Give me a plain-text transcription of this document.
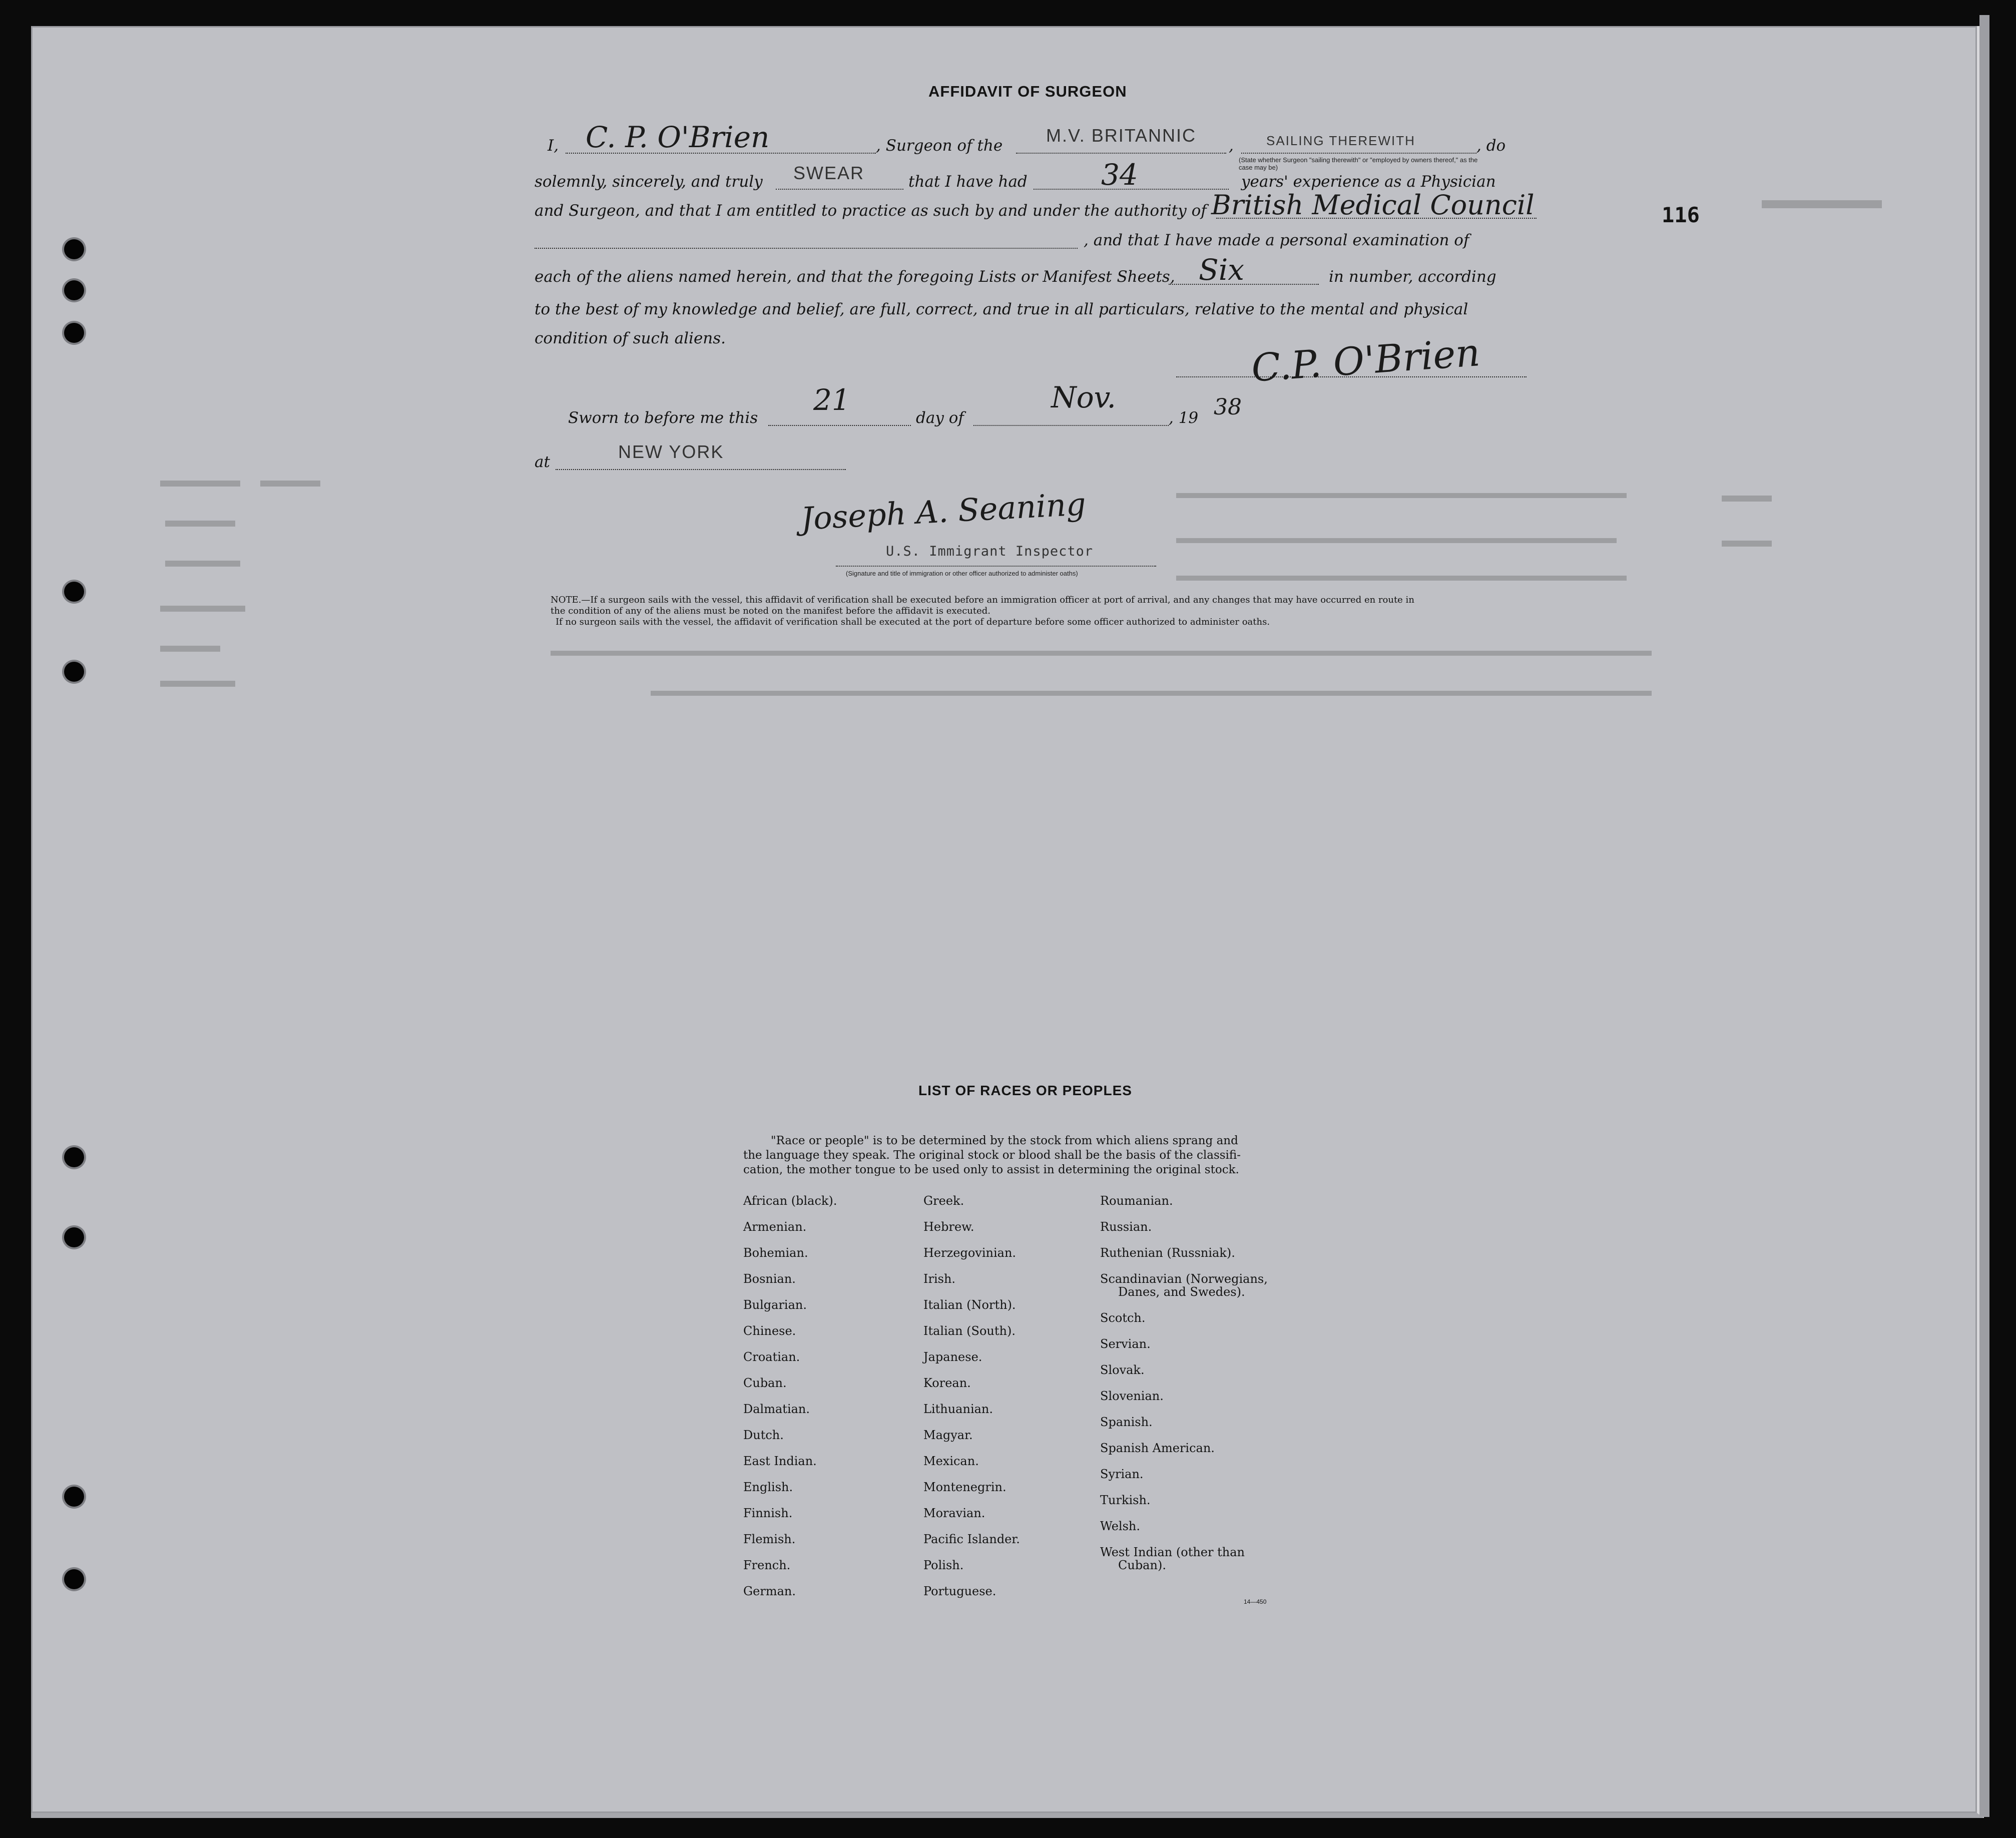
AFFIDAVIT OF SURGEON
I, C. P. O'Brien	, Surgeon of the M.V. BRITANNIC ,	SAILING THEREWITH
(State whether Surgeon "sailing therewith" or "employed by owners thereof," as the case may be)
, do
solemnly, sincerely, and truly SWEAR	that I have had	34	years' experience as a Physician
and Surgeon, and that I am entitled to practice as such by and under the authority of British Medical Council	116
, and that I have made a personal examination of
each of the aliens named herein, and that the foregoing Lists or Manifest Sheets, Six	in number, according
to the best of my knowledge and belief, are full, correct, and true in all particulars, relative to the mental and physical
condition of such aliens.	C.P. O'Brien
Sworn to before me this
21
day of
Nov.
, 19 38
at	NEW YORK
Joseph A. Seaning
U.S. Immigrant Inspector
(Signature and title of immigration or other officer authorized to administer oaths)
NOTE.—If a surgeon sails with the vessel, this affidavit of verification shall be executed before an immigration officer at port of arrival, and any changes that may have occurred en route in
the condition of any of the aliens must be noted on the manifest before the affidavit is executed.
If no surgeon sails with the vessel, the affidavit of verification shall be executed at the port of departure before some officer authorized to administer oaths.
LIST OF RACES OR PEOPLES
"Race or people" is to be determined by the stock from which aliens sprang and
the language they speak. The original stock or blood shall be the basis of the classifi-
cation, the mother tongue to be used only to assist in determining the original stock.
African (black).
Armenian.
Bohemian.
Bosnian.
Bulgarian.
Chinese.
Croatian.
Cuban.
Dalmatian.
Dutch.
East Indian.
English.
Finnish.
Flemish.
French.
German.
Greek.
Hebrew.
Herzegovinian.
Irish.
Italian (North).
Italian (South).
Japanese.
Korean.
Lithuanian.
Magyar.
Mexican.
Montenegrin.
Moravian.
Pacific Islander.
Polish.
Portuguese.
Roumanian.
Russian.
Ruthenian (Russniak).
Scandinavian (Norwegians,
Danes, and Swedes).
Scotch.
Servian.
Slovak.
Slovenian.
Spanish.
Spanish American.
Syrian.
Turkish.
Welsh.
West Indian (other than
Cuban).
14—450
